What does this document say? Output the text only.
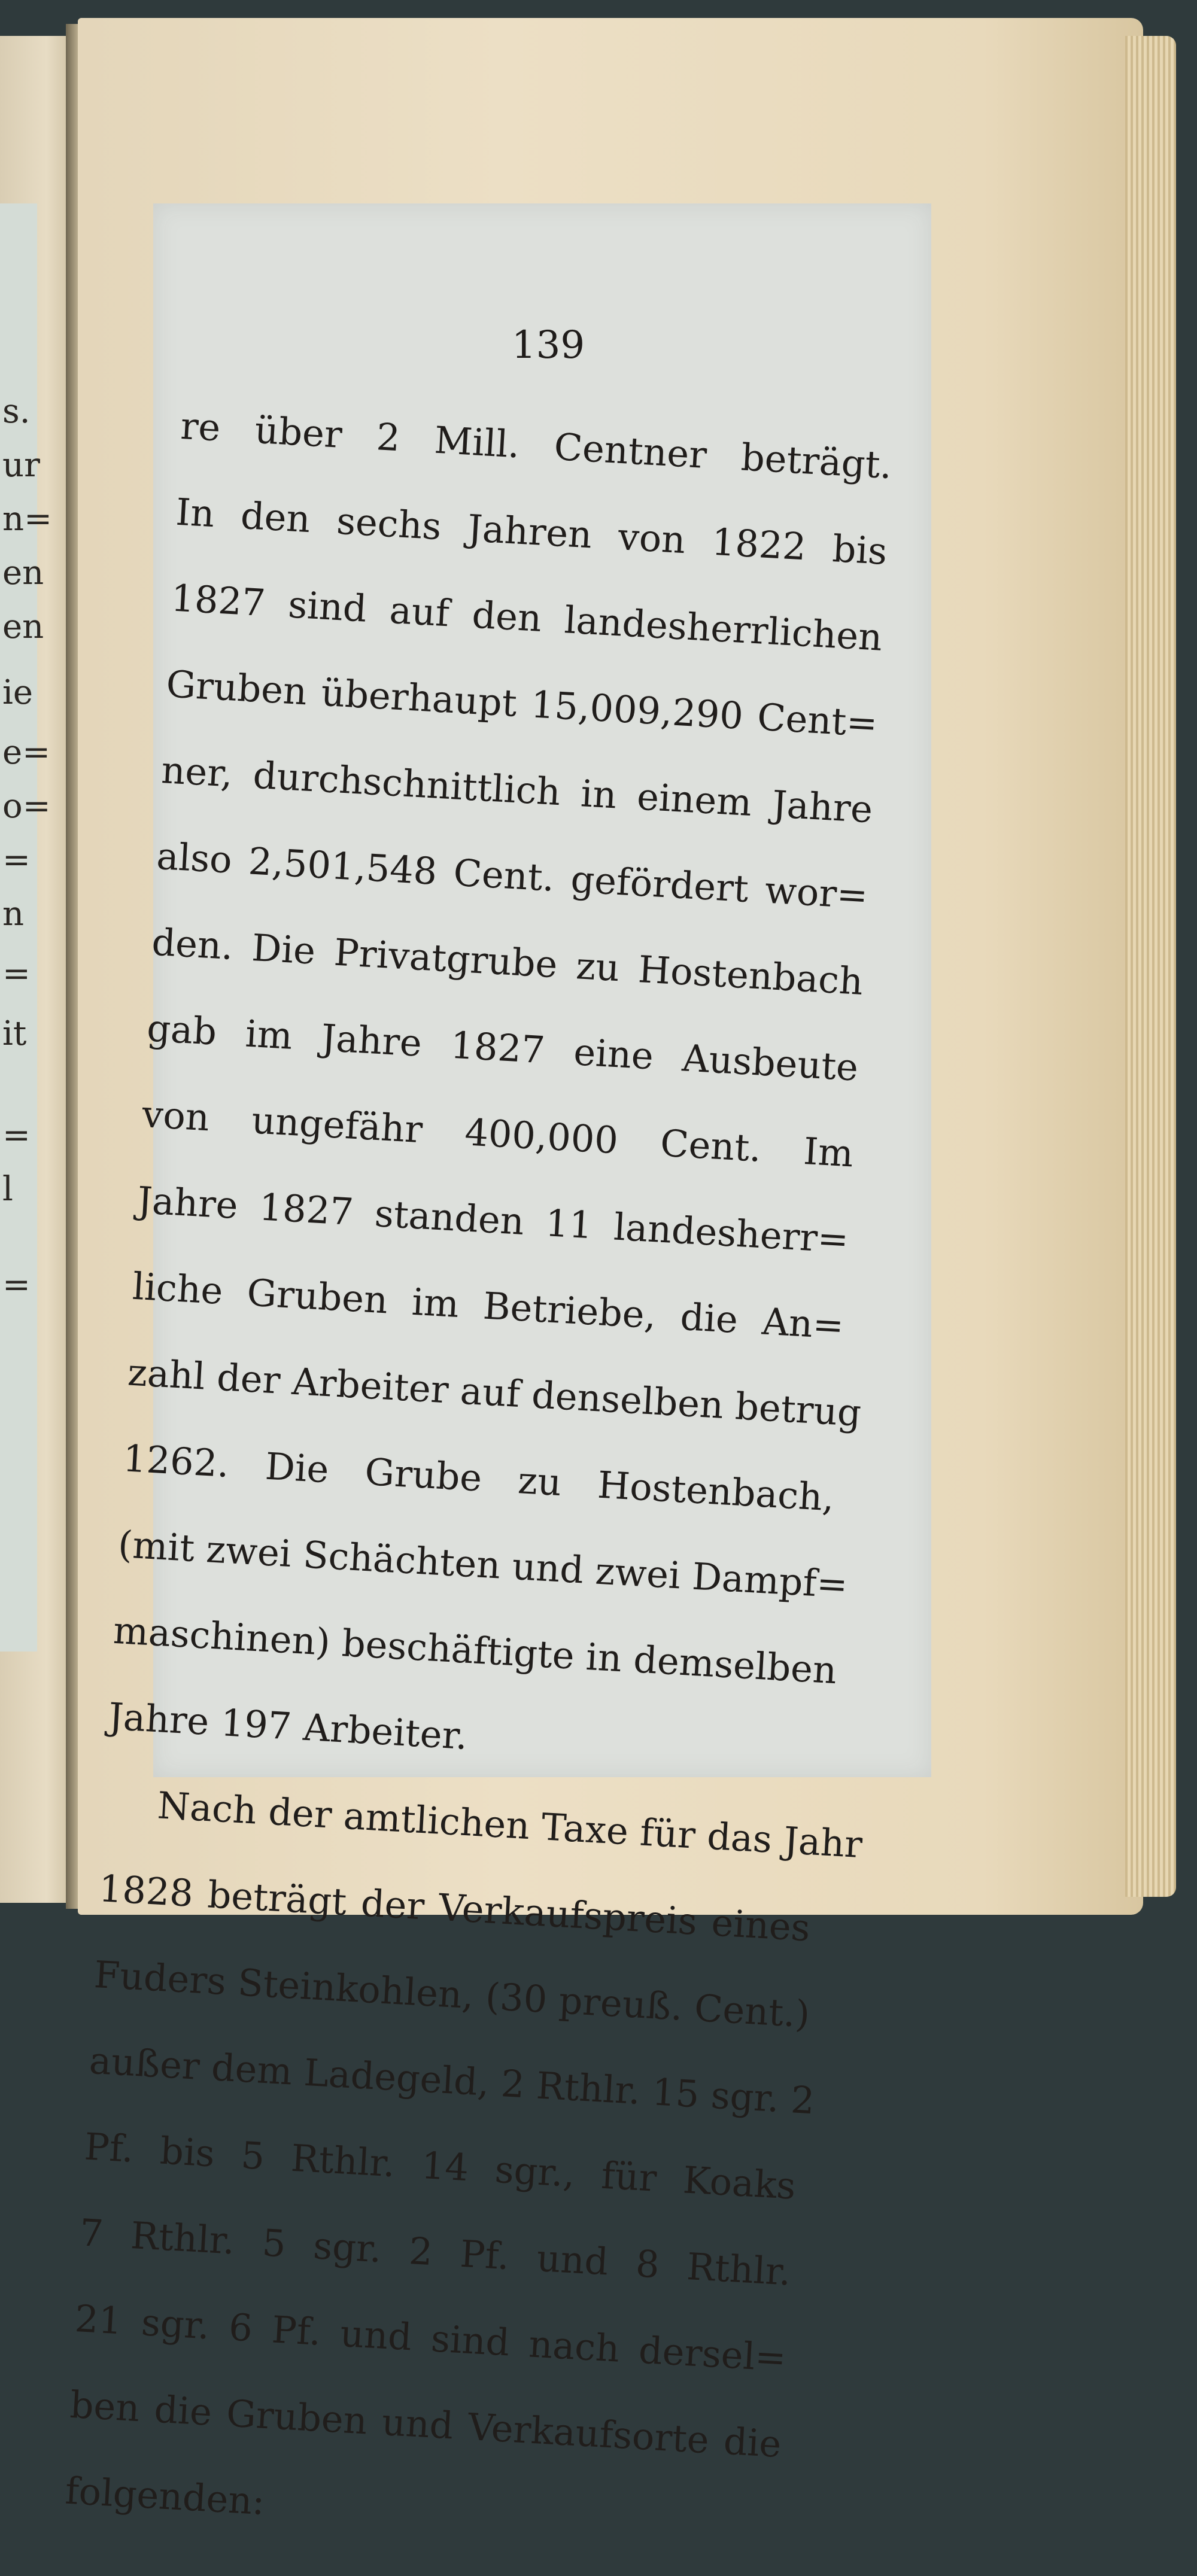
s.
ur
n=
en
en
ie
e=
o=
=
n
=
it
=
l
=
139
re über 2 Mill. Centner beträgt.
In den sechs Jahren von 1822 bis
1827 sind auf den landesherrlichen
Gruben überhaupt 15,009,290 Cent=
ner, durchschnittlich in einem Jahre
also 2,501,548 Cent. gefördert wor=
den. Die Privatgrube zu Hostenbach
gab im Jahre 1827 eine Ausbeute
von ungefähr 400,000 Cent. Im
Jahre 1827 standen 11 landesherr=
liche Gruben im Betriebe, die An=
zahl der Arbeiter auf denselben betrug
1262. Die Grube zu Hostenbach,
(mit zwei Schächten und zwei Dampf=
maschinen) beschäftigte in demselben
Jahre 197 Arbeiter.
Nach der amtlichen Taxe für das Jahr
1828 beträgt der Verkaufspreis eines
Fuders Steinkohlen, (30 preuß. Cent.)
außer dem Ladegeld, 2 Rthlr. 15 sgr. 2
Pf. bis 5 Rthlr. 14 sgr., für Koaks
7 Rthlr. 5 sgr. 2 Pf. und 8 Rthlr.
21 sgr. 6 Pf. und sind nach dersel=
ben die Gruben und Verkaufsorte die
folgenden:
